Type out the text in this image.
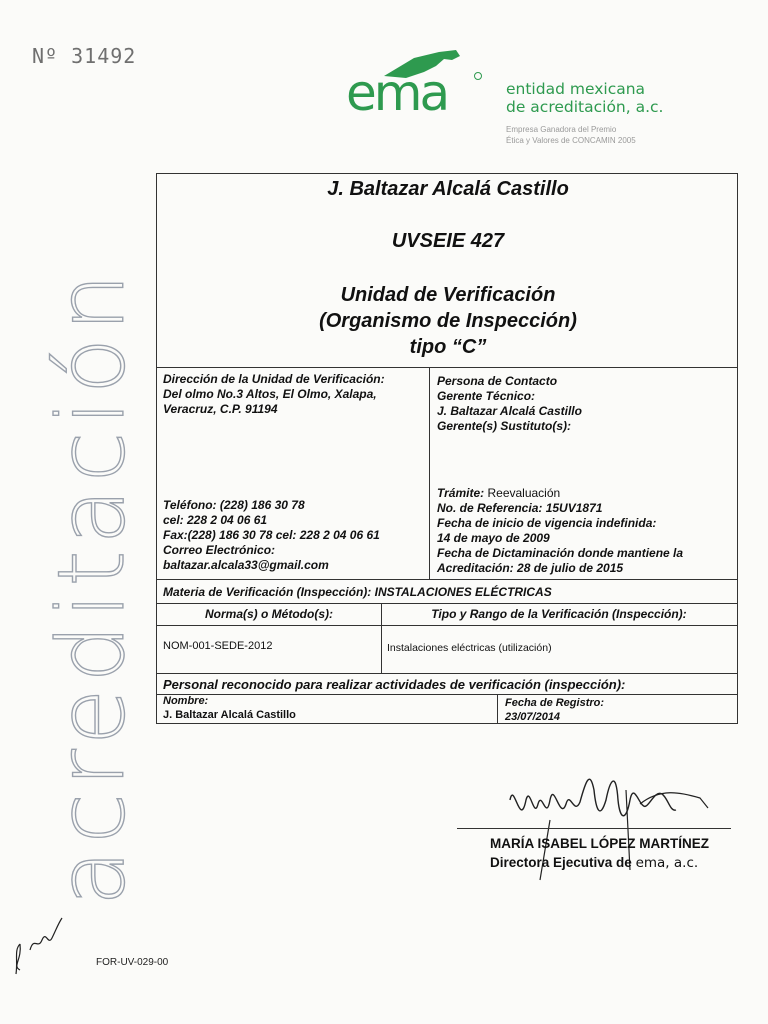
Nº 31492
acreditación
ema	entidad mexicana
de acreditación, a.c.
Empresa Ganadora del Premio
Ética y Valores de CONCAMIN 2005
J. Baltazar Alcalá Castillo
UVSEIE 427
Unidad de Verificación
(Organismo de Inspección)
tipo “C”
Dirección de la Unidad de Verificación:
Del olmo No.3 Altos, El Olmo, Xalapa,
Veracruz, C.P. 91194
Teléfono: (228) 186 30 78
cel: 228 2 04 06 61
Fax:(228) 186 30 78 cel: 228 2 04 06 61
Correo Electrónico:
baltazar.alcala33@gmail.com
Persona de Contacto
Gerente Técnico:
J. Baltazar Alcalá Castillo
Gerente(s) Sustituto(s):
Trámite: Reevaluación
No. de Referencia: 15UV1871
Fecha de inicio de vigencia indefinida:
14 de mayo de 2009
Fecha de Dictaminación donde mantiene la
Acreditación: 28 de julio de 2015
Materia de Verificación (Inspección): INSTALACIONES ELÉCTRICAS
Norma(s) o Método(s):	Tipo y Rango de la Verificación (Inspección):
NOM-001-SEDE-2012	Instalaciones eléctricas (utilización)
Personal reconocido para realizar actividades de verificación (inspección):
Nombre:
J. Baltazar Alcalá Castillo
Fecha de Registro:
23/07/2014
MARÍA ISABEL LÓPEZ MARTÍNEZ
Directora Ejecutiva de ema, a.c.
FOR-UV-029-00
